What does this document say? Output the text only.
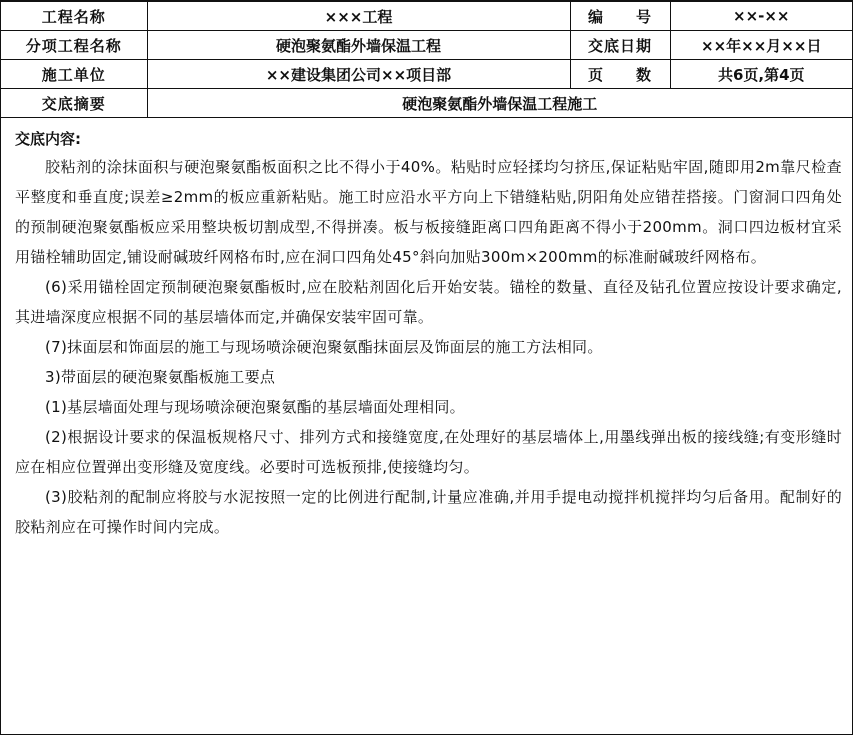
工程名称	×××工程	编　　号	××-××
分项工程名称	硬泡聚氨酯外墙保温工程	交底日期	××年××月××日
施工单位	××建设集团公司××项目部	页　　数	共6页,第4页
交底摘要	硬泡聚氨酯外墙保温工程施工		
交底内容:

胶粘剂的涂抹面积与硬泡聚氨酯板面积之比不得小于40%。粘贴时应轻揉均匀挤压,保证粘贴牢固,随即用2m靠尺检查平整度和垂直度;误差≥2mm的板应重新粘贴。施工时应沿水平方向上下错缝粘贴,阴阳角处应错茬搭接。门窗洞口四角处的预制硬泡聚氨酯板应采用整块板切割成型,不得拼凑。板与板接缝距离口四角距离不得小于200mm。洞口四边板材宜采用锚栓辅助固定,铺设耐碱玻纤网格布时,应在洞口四角处45°斜向加贴300m×200mm的标准耐碱玻纤网格布。

(6)采用锚栓固定预制硬泡聚氨酯板时,应在胶粘剂固化后开始安装。锚栓的数量、直径及钻孔位置应按设计要求确定,其进墙深度应根据不同的基层墙体而定,并确保安装牢固可靠。

(7)抹面层和饰面层的施工与现场喷涂硬泡聚氨酯抹面层及饰面层的施工方法相同。

3)带面层的硬泡聚氨酯板施工要点

(1)基层墙面处理与现场喷涂硬泡聚氨酯的基层墙面处理相同。

(2)根据设计要求的保温板规格尺寸、排列方式和接缝宽度,在处理好的基层墙体上,用墨线弹出板的接线缝;有变形缝时应在相应位置弹出变形缝及宽度线。必要时可选板预排,使接缝均匀。

(3)胶粘剂的配制应将胶与水泥按照一定的比例进行配制,计量应准确,并用手提电动搅拌机搅拌均匀后备用。配制好的胶粘剂应在可操作时间内完成。
